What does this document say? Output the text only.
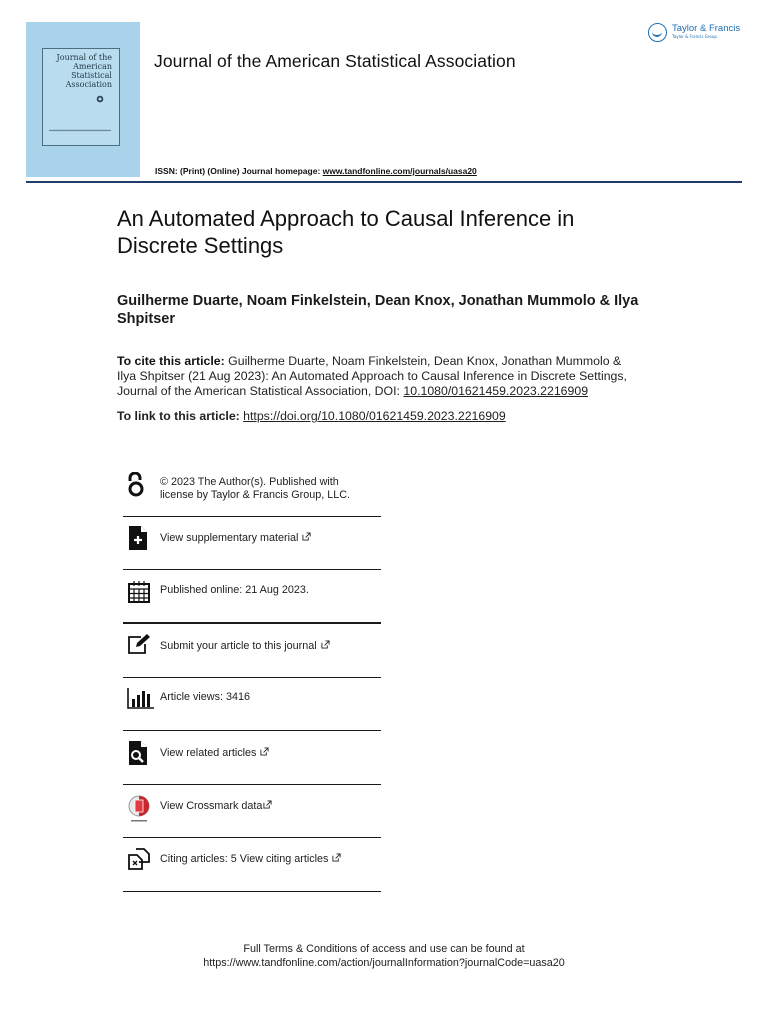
Journal of the
American
Statistical
Association
Journal of the American Statistical Association
Taylor & Francis
Taylor & Francis Group
ISSN: (Print) (Online) Journal homepage: www.tandfonline.com/journals/uasa20
An Automated Approach to Causal Inference in
Discrete Settings
Guilherme Duarte, Noam Finkelstein, Dean Knox, Jonathan Mummolo & Ilya
Shpitser
To cite this article: Guilherme Duarte, Noam Finkelstein, Dean Knox, Jonathan Mummolo &
Ilya Shpitser (21 Aug 2023): An Automated Approach to Causal Inference in Discrete Settings,
Journal of the American Statistical Association, DOI: 10.1080/01621459.2023.2216909
To link to this article: https://doi.org/10.1080/01621459.2023.2216909
© 2023 The Author(s). Published with
license by Taylor & Francis Group, LLC.
View supplementary material
Published online: 21 Aug 2023.
Submit your article to this journal
Article views: 3416
View related articles
View Crossmark data
Citing articles: 5 View citing articles
Full Terms & Conditions of access and use can be found at
https://www.tandfonline.com/action/journalInformation?journalCode=uasa20
